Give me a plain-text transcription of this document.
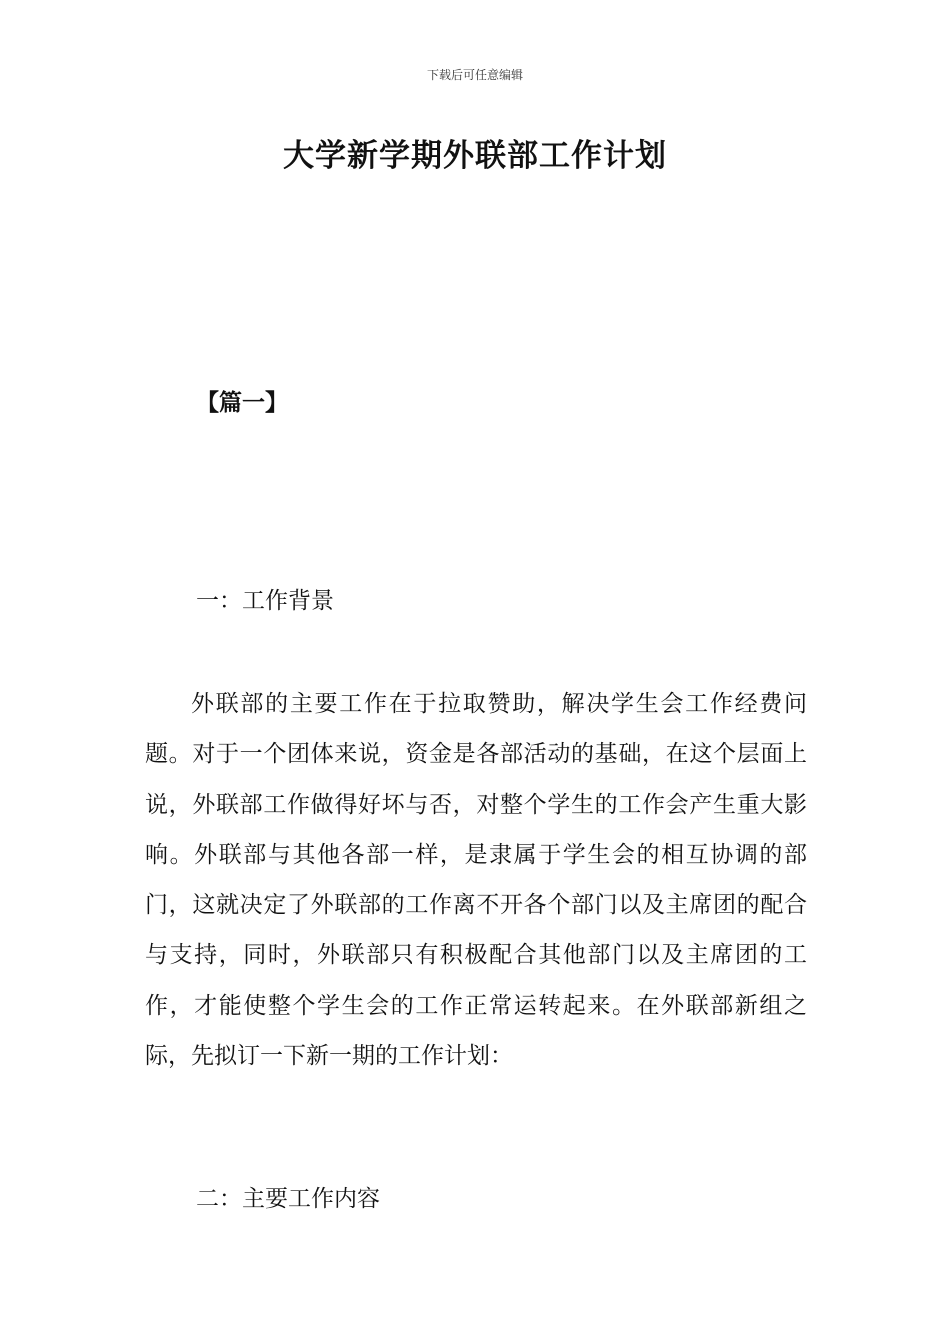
下载后可任意编辑
大学新学期外联部工作计划
【篇一】
一：工作背景

外联部的主要工作在于拉取赞助，解决学生会工作经费问题。对于一个团体来说，资金是各部活动的基础，在这个层面上说，外联部工作做得好坏与否，对整个学生的工作会产生重大影响。外联部与其他各部一样，是隶属于学生会的相互协调的部门，这就决定了外联部的工作离不开各个部门以及主席团的配合与支持，同时，外联部只有积极配合其他部门以及主席团的工作，才能使整个学生会的工作正常运转起来。在外联部新组之际，先拟订一下新一期的工作计划：

二：主要工作内容
